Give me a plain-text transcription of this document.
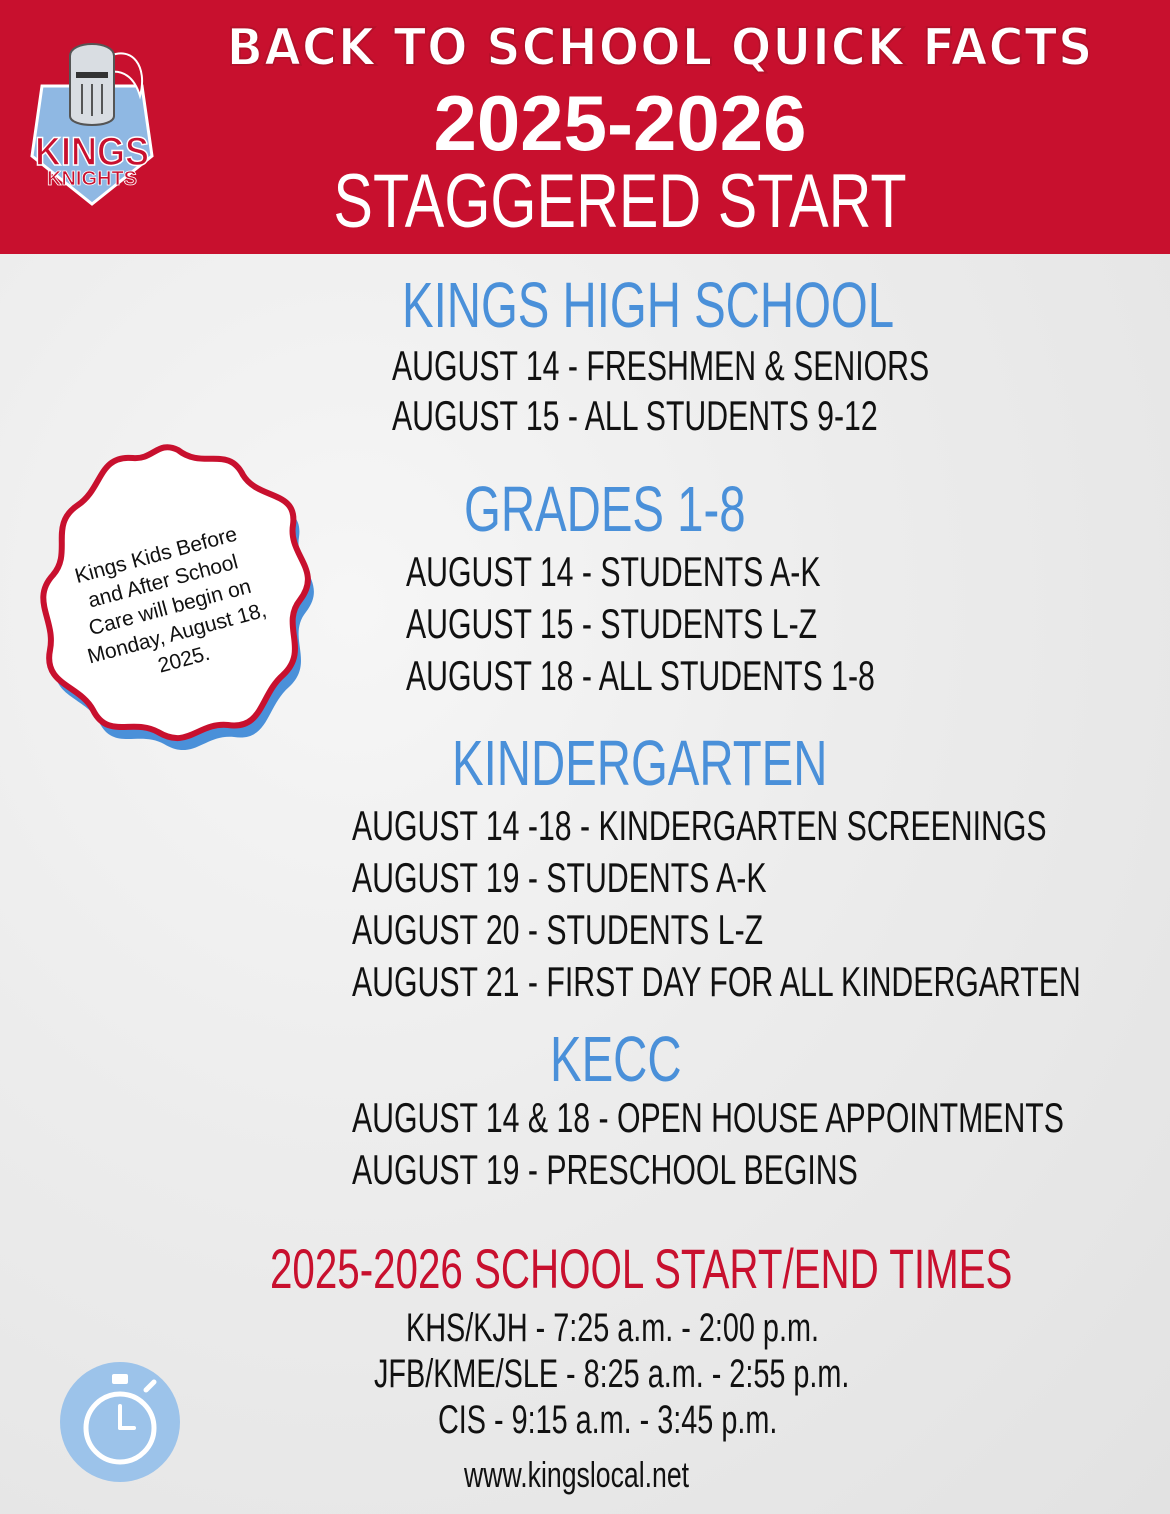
KINGS
KNIGHTS
BACK TO SCHOOL QUICK FACTS
2025-2026
STAGGERED START
KINGS HIGH SCHOOL
AUGUST 14 - FRESHMEN & SENIORS
AUGUST 15 - ALL STUDENTS 9-12
GRADES 1-8
AUGUST 14 - STUDENTS A-K
AUGUST 15 - STUDENTS L-Z
AUGUST 18 - ALL STUDENTS 1-8
KINDERGARTEN
AUGUST 14 -18 - KINDERGARTEN SCREENINGS
AUGUST 19 - STUDENTS A-K
AUGUST 20 - STUDENTS L-Z
AUGUST 21 - FIRST DAY FOR ALL KINDERGARTEN
KECC
AUGUST 14 & 18 - OPEN HOUSE APPOINTMENTS
AUGUST 19 - PRESCHOOL BEGINS
2025-2026 SCHOOL START/END TIMES
KHS/KJH - 7:25 a.m. - 2:00 p.m.
JFB/KME/SLE - 8:25 a.m. - 2:55 p.m.
CIS - 9:15 a.m. - 3:45 p.m.
www.kingslocal.net
Kings Kids Before and After School Care will begin on Monday, August 18, 2025.
